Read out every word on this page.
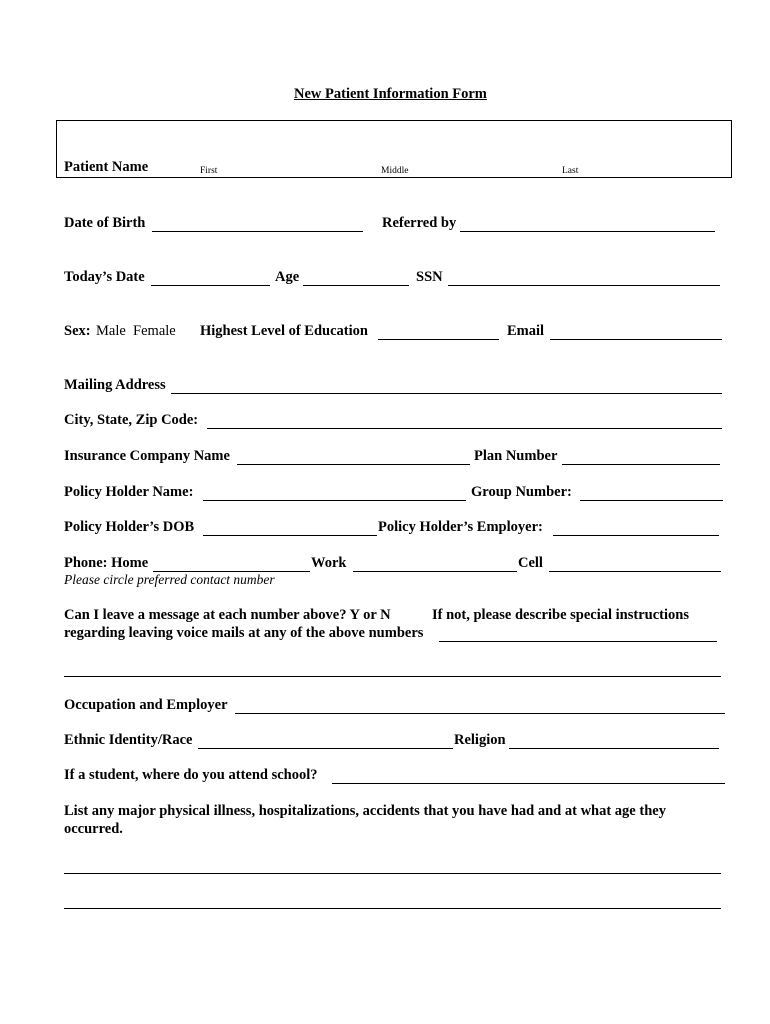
New Patient Information Form
Patient Name	First	Middle	Last
Date of Birth	Referred by
Today’s Date	Age	SSN
Sex: Male  Female Highest Level of Education	Email
Mailing Address
City, State, Zip Code:
Insurance Company Name	Plan Number
Policy Holder Name:	Group Number:
Policy Holder’s DOB	Policy Holder’s Employer:
Phone: Home	Work	Cell
Please circle preferred contact number
Can I leave a message at each number above? Y or N	If not, please describe special instructions
regarding leaving voice mails at any of the above numbers
Occupation and Employer
Ethnic Identity/Race	Religion
If a student, where do you attend school?
List any major physical illness, hospitalizations, accidents that you have had and at what age they
occurred.
